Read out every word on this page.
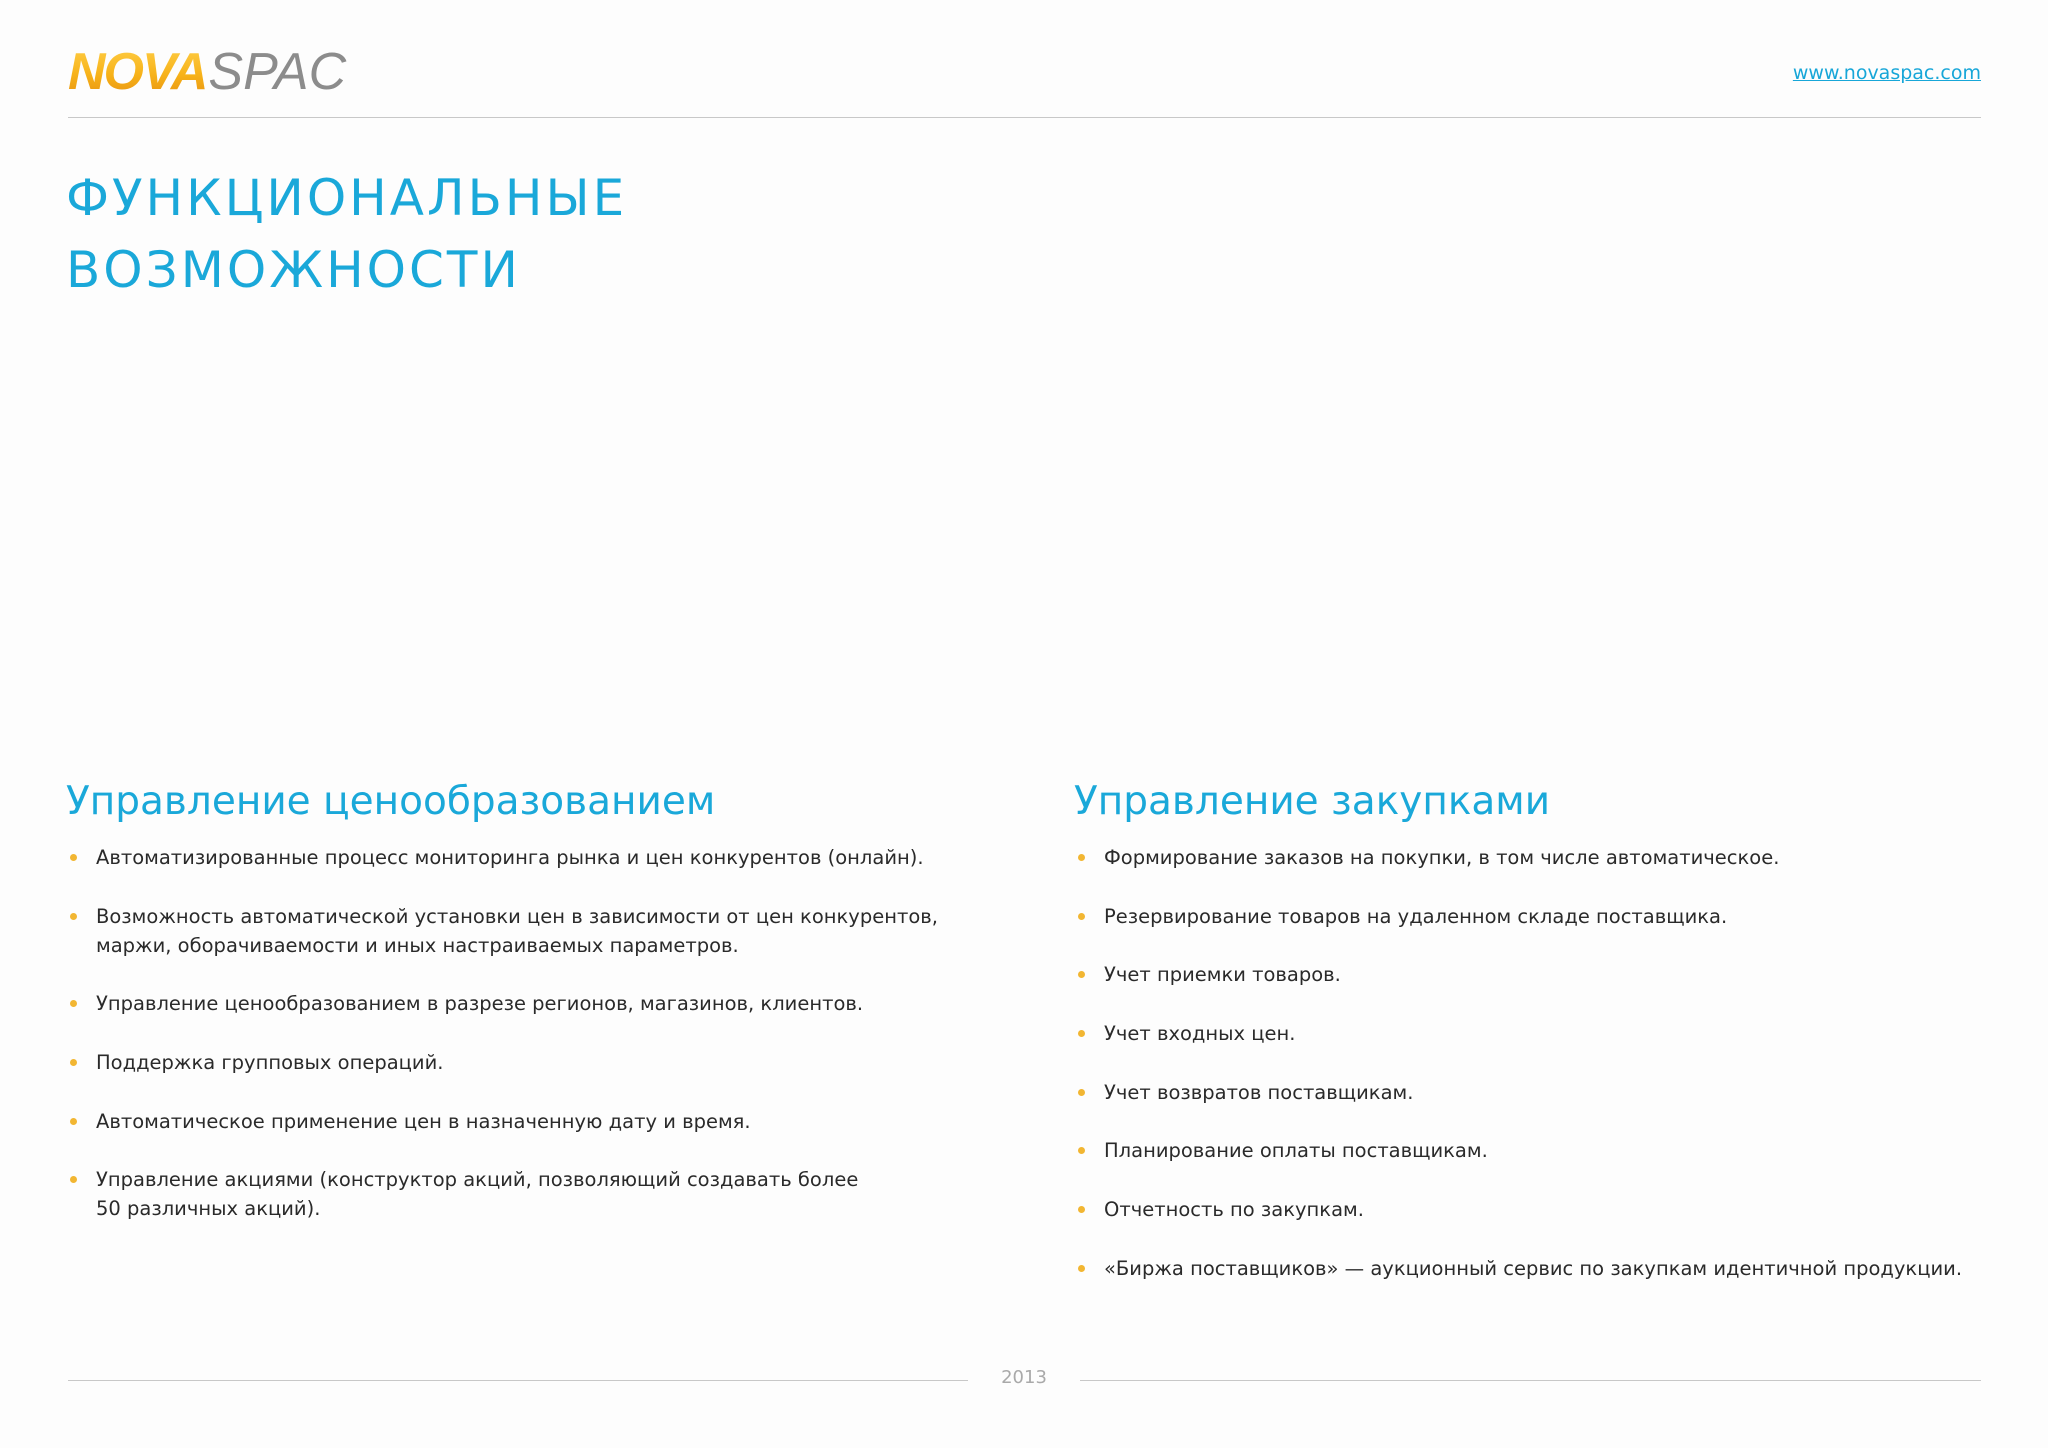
NOVASPAC	www.novaspac.com
ФУНКЦИОНАЛЬНЫЕ
ВОЗМОЖНОСТИ
Управление ценообразованием
Автоматизированные процесс мониторинга рынка и цен конкурентов (онлайн).
Возможность автоматической установки цен в зависимости от цен конкурентов,
маржи, оборачиваемости и иных настраиваемых параметров.
Управление ценообразованием в разрезе регионов, магазинов, клиентов.
Поддержка групповых операций.
Автоматическое применение цен в назначенную дату и время.
Управление акциями (конструктор акций, позволяющий создавать более
50 различных акций).
Управление закупками
Формирование заказов на покупки, в том числе автоматическое.
Резервирование товаров на удаленном складе поставщика.
Учет приемки товаров.
Учет входных цен.
Учет возвратов поставщикам.
Планирование оплаты поставщикам.
Отчетность по закупкам.
«Биржа поставщиков» — аукционный сервис по закупкам идентичной продукции.
2013
